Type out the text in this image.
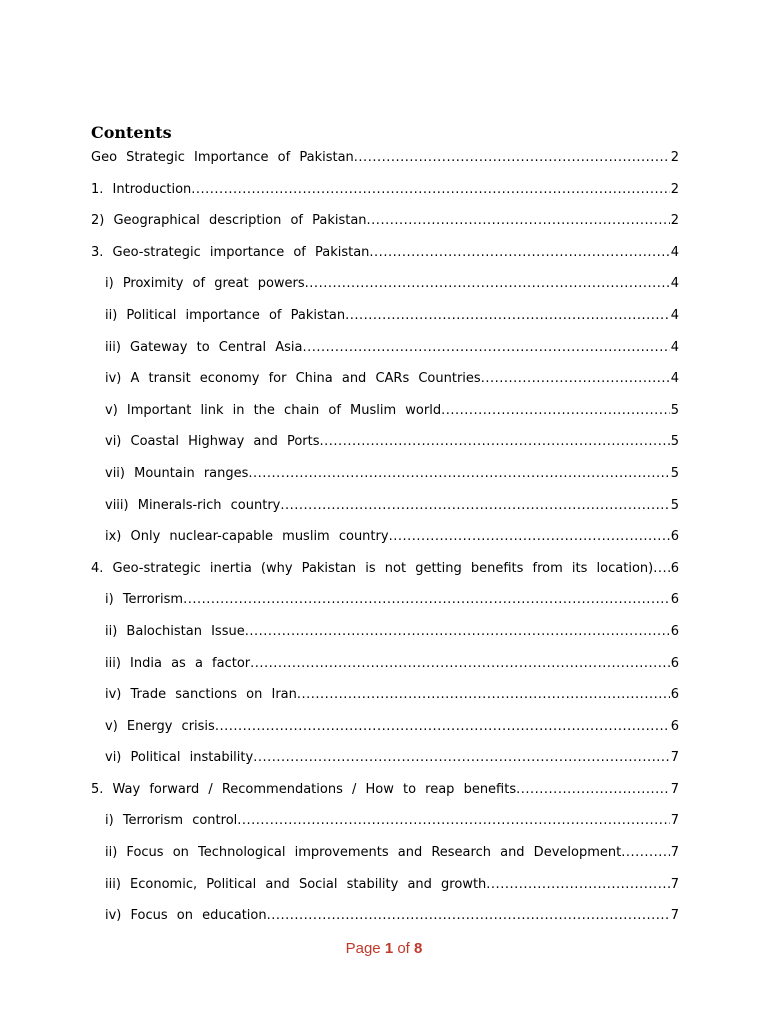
Contents
Geo Strategic Importance of Pakistan .....	2
1. Introduction .....	2
2) Geographical description of Pakistan .....	2
3. Geo-strategic importance of Pakistan .....	4
i) Proximity of great powers .....	4
ii) Political importance of Pakistan .....	4
iii) Gateway to Central Asia .....	4
iv) A transit economy for China and CARs Countries .....	4
v) Important link in the chain of Muslim world .....	5
vi) Coastal Highway and Ports .....	5
vii) Mountain ranges .....	5
viii) Minerals-rich country .....	5
ix) Only nuclear-capable muslim country .....	6
4. Geo-strategic inertia (why Pakistan is not getting benefits from its location) ..... 6
i) Terrorism .....	6
ii) Balochistan Issue .....	6
iii) India as a factor .....	6
iv) Trade sanctions on Iran .....	6
v) Energy crisis .....	6
vi) Political instability .....	7
5. Way forward / Recommendations / How to reap benefits .....	7
i) Terrorism control .....	7
ii) Focus on Technological improvements and Research and Development .....	7
iii) Economic, Political and Social stability and growth .....	7
iv) Focus on education .....	7
Page 1 of 8
